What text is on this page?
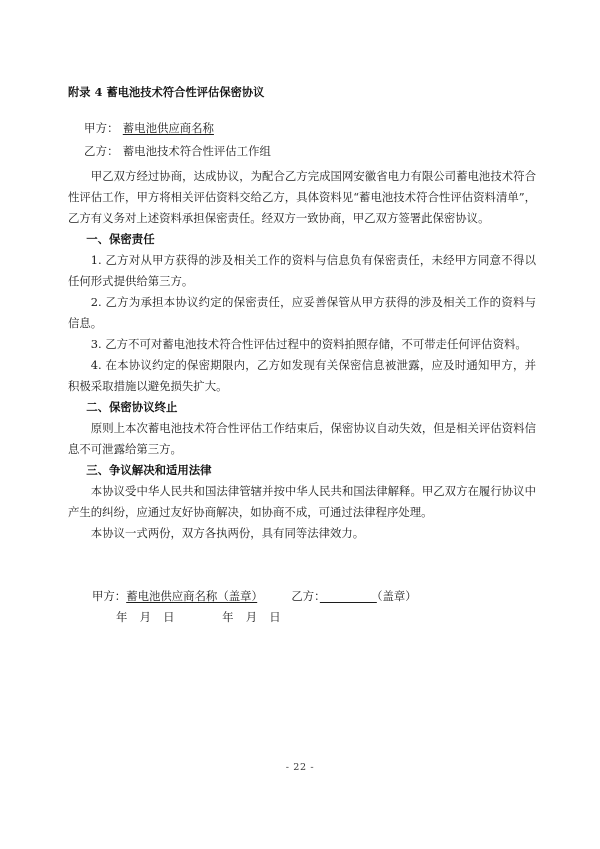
附录 4 蓄电池技术符合性评估保密协议
甲方： 蓄电池供应商名称
乙方： 蓄电池技术符合性评估工作组

甲乙双方经过协商，达成协议，为配合乙方完成国网安徽省电力有限公司蓄电池技术符合性评估工作，甲方将相关评估资料交给乙方，具体资料见“蓄电池技术符合性评估资料清单”，乙方有义务对上述资料承担保密责任。经双方一致协商，甲乙双方签署此保密协议。

一、保密责任

1. 乙方对从甲方获得的涉及相关工作的资料与信息负有保密责任，未经甲方同意不得以任何形式提供给第三方。

2. 乙方为承担本协议约定的保密责任，应妥善保管从甲方获得的涉及相关工作的资料与信息。

3. 乙方不可对蓄电池技术符合性评估过程中的资料拍照存储，不可带走任何评估资料。

4. 在本协议约定的保密期限内，乙方如发现有关保密信息被泄露，应及时通知甲方，并积极采取措施以避免损失扩大。

二、保密协议终止

原则上本次蓄电池技术符合性评估工作结束后，保密协议自动失效，但是相关评估资料信息不可泄露给第三方。

三、争议解决和适用法律

本协议受中华人民共和国法律管辖并按中华人民共和国法律解释。甲乙双方在履行协议中产生的纠纷，应通过友好协商解决，如协商不成，可通过法律程序处理。

本协议一式两份，双方各执两份，具有同等法律效力。

甲方：蓄电池供应商名称（盖章）　　　	乙方：　　　　　	（盖章）
年　月　日　　　　	年　月　日
- 22 -
